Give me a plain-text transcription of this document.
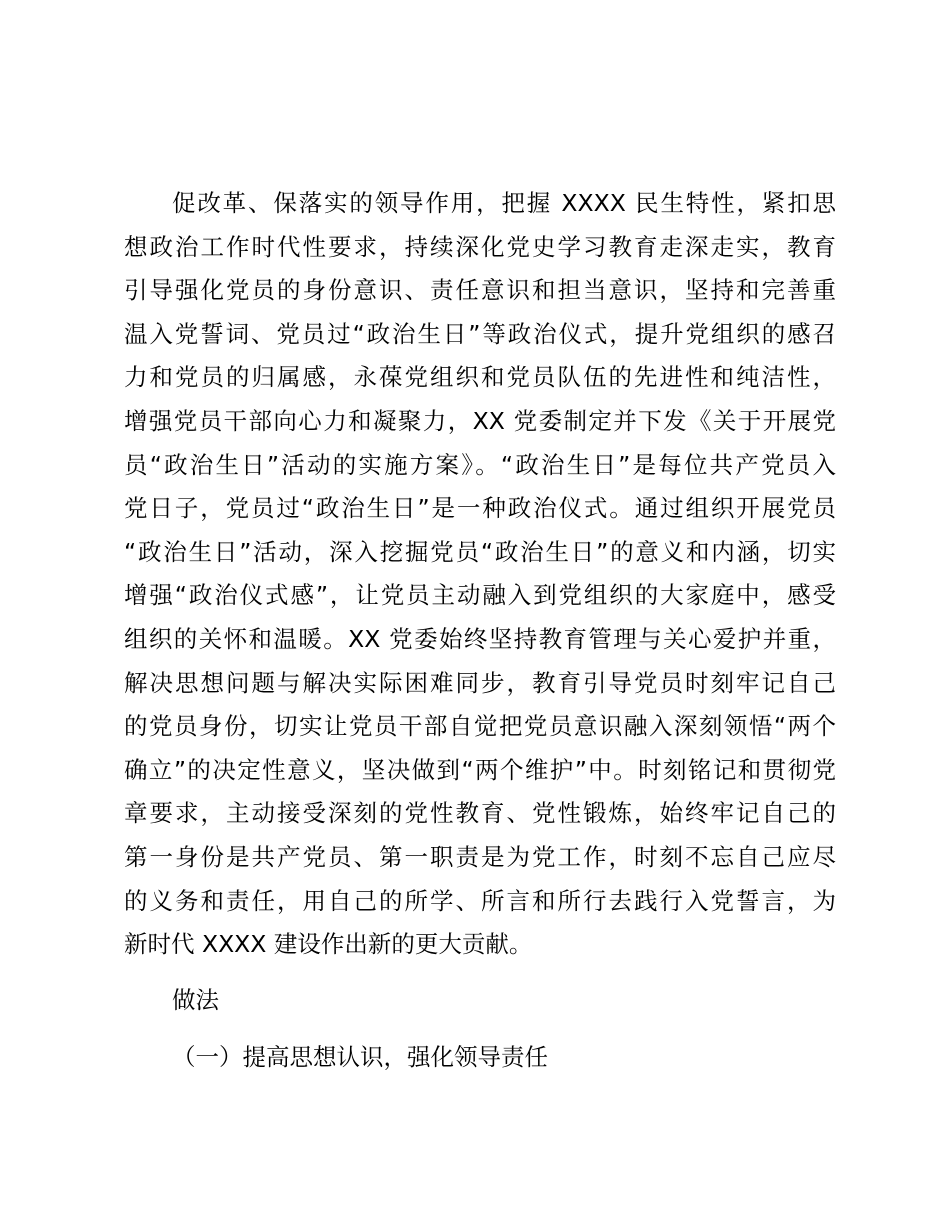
促改革、保落实的领导作用，把握 XXXX 民生特性，紧扣思
想政治工作时代性要求，持续深化党史学习教育走深走实，教育
引导强化党员的身份意识、责任意识和担当意识，坚持和完善重
温入党誓词、党员过“政治生日”等政治仪式，提升党组织的感召
力和党员的归属感，永葆党组织和党员队伍的先进性和纯洁性，
增强党员干部向心力和凝聚力，XX 党委制定并下发《关于开展党
员“政治生日”活动的实施方案》。“政治生日”是每位共产党员入
党日子，党员过“政治生日”是一种政治仪式。通过组织开展党员
“政治生日”活动，深入挖掘党员“政治生日”的意义和内涵，切实
增强“政治仪式感”，让党员主动融入到党组织的大家庭中，感受
组织的关怀和温暖。XX 党委始终坚持教育管理与关心爱护并重，
解决思想问题与解决实际困难同步，教育引导党员时刻牢记自己
的党员身份，切实让党员干部自觉把党员意识融入深刻领悟“两个
确立”的决定性意义，坚决做到“两个维护”中。时刻铭记和贯彻党
章要求，主动接受深刻的党性教育、党性锻炼，始终牢记自己的
第一身份是共产党员、第一职责是为党工作，时刻不忘自己应尽
的义务和责任，用自己的所学、所言和所行去践行入党誓言，为
新时代 XXXX 建设作出新的更大贡献。
做法
（一）提高思想认识，强化领导责任
